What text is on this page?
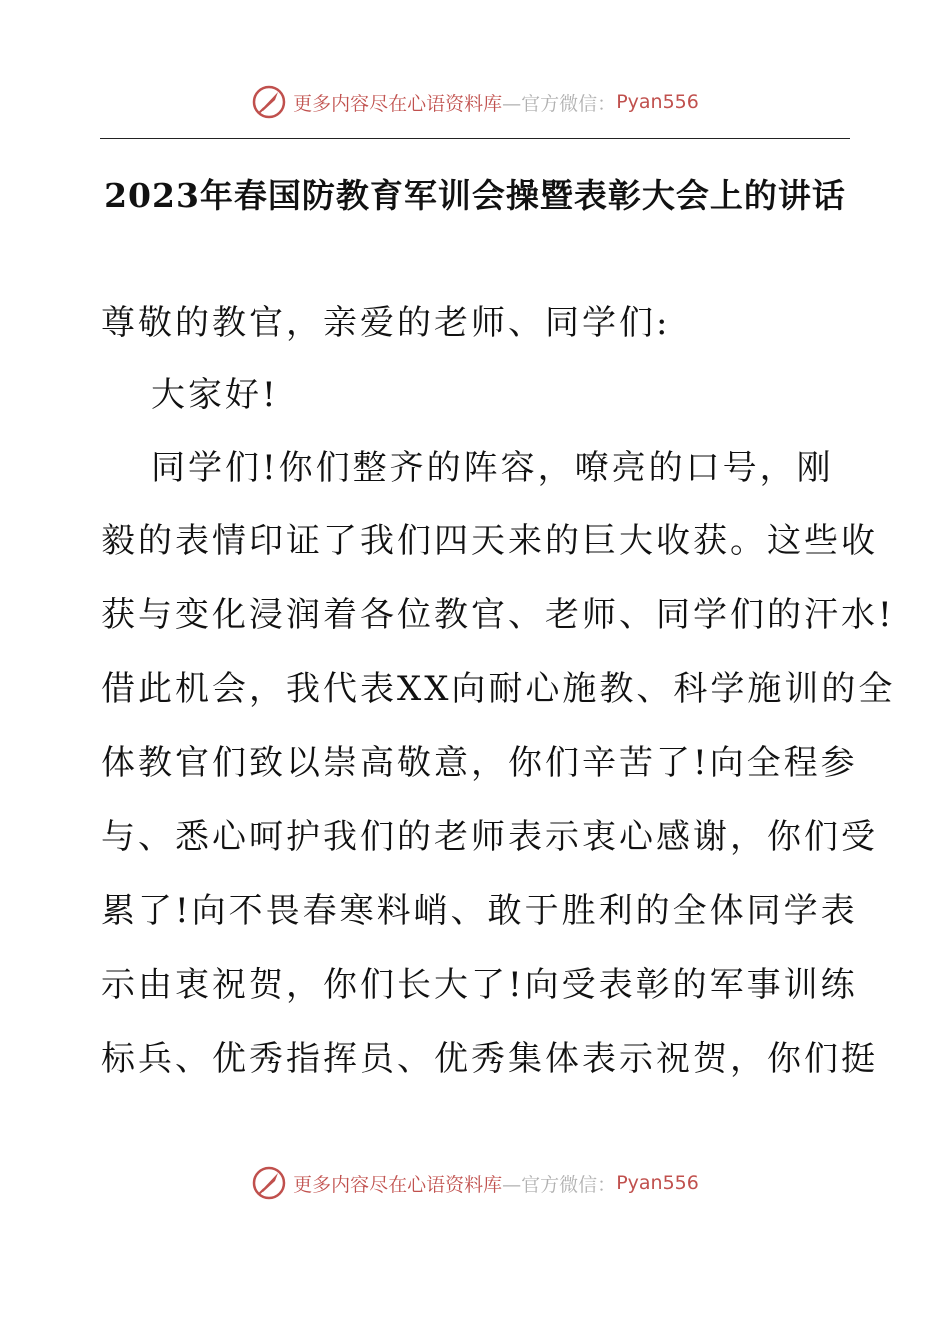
更多内容尽在心语资料库 —官方微信： Pyan556
2023年春国防教育军训会操暨表彰大会上的讲话
尊敬的教官，亲爱的老师、同学们:
大家好!
同学们!你们整齐的阵容，嘹亮的口号，刚
毅的表情印证了我们四天来的巨大收获。这些收
获与变化浸润着各位教官、老师、同学们的汗水!
借此机会，我代表XX向耐心施教、科学施训的全
体教官们致以崇高敬意，你们辛苦了!向全程参
与、悉心呵护我们的老师表示衷心感谢，你们受
累了!向不畏春寒料峭、敢于胜利的全体同学表
示由衷祝贺，你们长大了!向受表彰的军事训练
标兵、优秀指挥员、优秀集体表示祝贺，你们挺
更多内容尽在心语资料库 —官方微信： Pyan556
